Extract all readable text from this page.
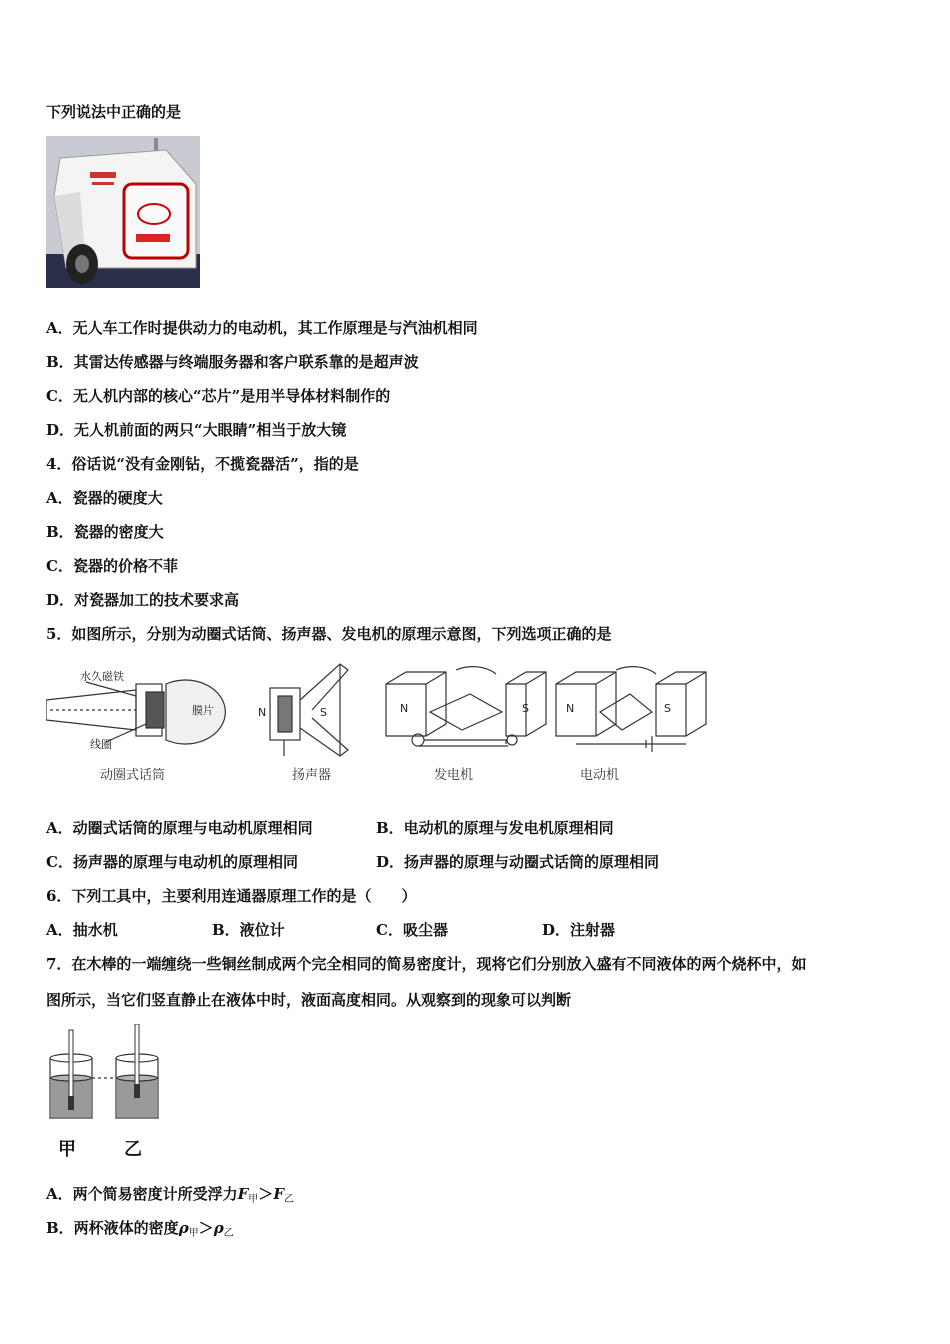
下列说法中正确的是
A．无人车工作时提供动力的电动机，其工作原理是与汽油机相同
B．其雷达传感器与终端服务器和客户联系靠的是超声波
C．无人机内部的核心“芯片”是用半导体材料制作的
D．无人机前面的两只“大眼睛”相当于放大镜
4．俗话说“没有金刚钻，不揽瓷器活”，指的是
A．瓷器的硬度大
B．瓷器的密度大
C．瓷器的价格不菲
D．对瓷器加工的技术要求高
5．如图所示，分别为动圈式话筒、扬声器、发电机的原理示意图，下列选项正确的是
水久磁铁
膜片
线圈
N	S	N	S	N	S
动圈式话筒	扬声器	发电机	电动机
A．动圈式话筒的原理与电动机原理相同	B．电动机的原理与发电机原理相同
C．扬声器的原理与电动机的原理相同	D．扬声器的原理与动圈式话筒的原理相同
6．下列工具中，主要利用连通器原理工作的是（　　）
A．抽水机	B．液位计	C．吸尘器	D．注射器
7．在木棒的一端缠绕一些铜丝制成两个完全相同的简易密度计，现将它们分别放入盛有不同液体的两个烧杯中，如
图所示，当它们竖直静止在液体中时，液面高度相同。从观察到的现象可以判断
甲	乙
A．两个简易密度计所受浮力$F_甲>F_乙$
B．两杯液体的密度$\rho_甲>\rho_乙$
